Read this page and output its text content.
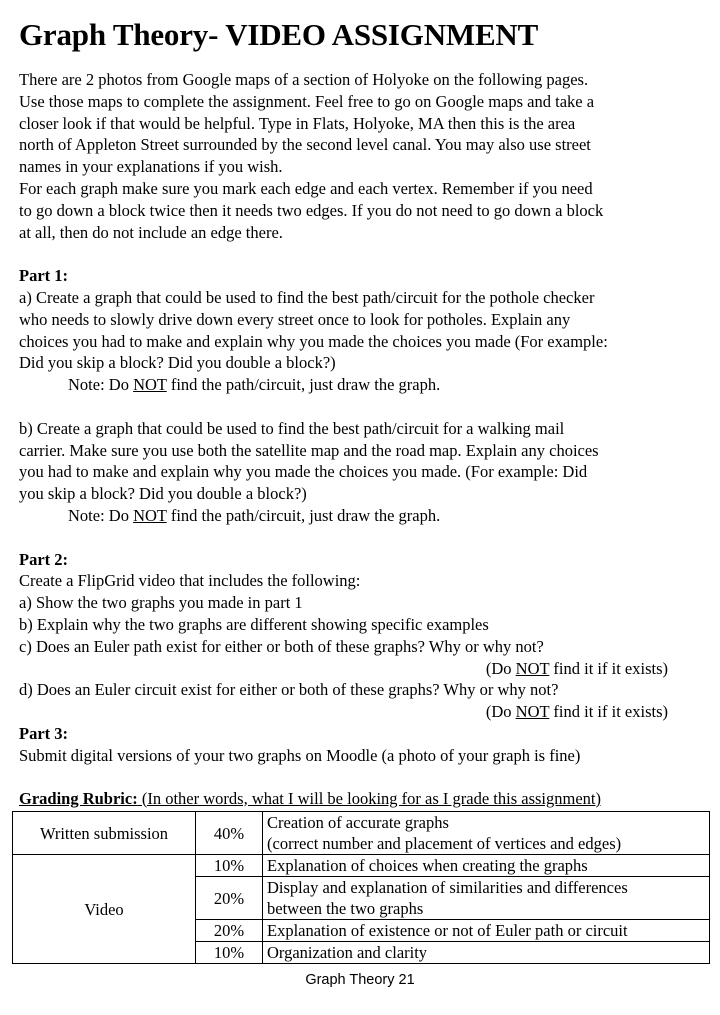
Graph Theory- VIDEO ASSIGNMENT
There are 2 photos from Google maps of a section of Holyoke on the following pages.
Use those maps to complete the assignment. Feel free to go on Google maps and take a
closer look if that would be helpful. Type in Flats, Holyoke, MA then this is the area
north of Appleton Street surrounded by the second level canal. You may also use street
names in your explanations if you wish.
For each graph make sure you mark each edge and each vertex. Remember if you need
to go down a block twice then it needs two edges. If you do not need to go down a block
at all, then do not include an edge there.
Part 1:
a) Create a graph that could be used to find the best path/circuit for the pothole checker
who needs to slowly drive down every street once to look for potholes. Explain any
choices you had to make and explain why you made the choices you made (For example:
Did you skip a block? Did you double a block?)
Note: Do NOT find the path/circuit, just draw the graph.
b) Create a graph that could be used to find the best path/circuit for a walking mail
carrier. Make sure you use both the satellite map and the road map. Explain any choices
you had to make and explain why you made the choices you made. (For example: Did
you skip a block? Did you double a block?)
Note: Do NOT find the path/circuit, just draw the graph.
Part 2:
Create a FlipGrid video that includes the following:
a) Show the two graphs you made in part 1
b) Explain why the two graphs are different showing specific examples
c) Does an Euler path exist for either or both of these graphs? Why or why not?
(Do NOT find it if it exists)
d) Does an Euler circuit exist for either or both of these graphs? Why or why not?
(Do NOT find it if it exists)
Part 3:
Submit digital versions of your two graphs on Moodle (a photo of your graph is fine)
Grading Rubric: (In other words, what I will be looking for as I grade this assignment)
Written submission	40%	Creation of accurate graphs
(correct number and placement of vertices and edges)

Video	10%	Explanation of choices when creating the graphs
	20%	Display and explanation of similarities and differences
between the two graphs

	20%	Explanation of existence or not of Euler path or circuit
	10%	Organization and clarity
Graph Theory 21
